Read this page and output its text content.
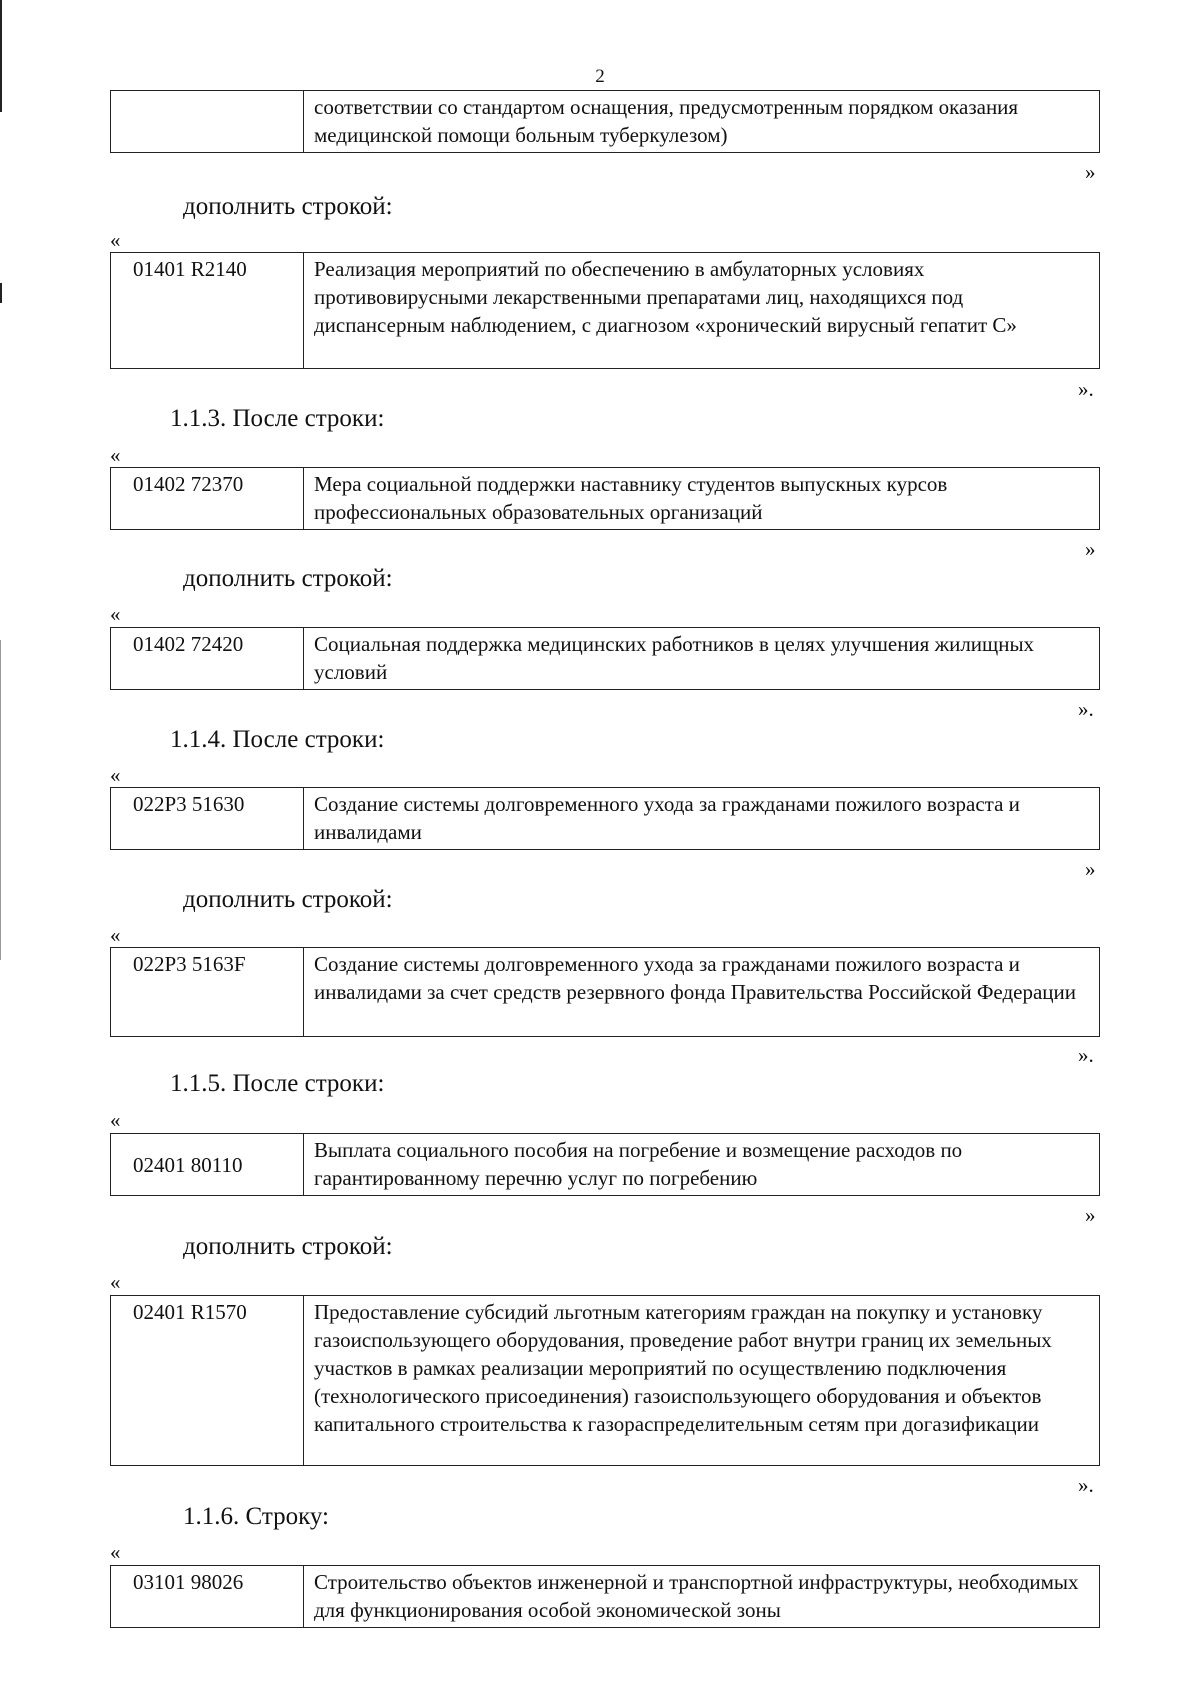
2
	соответствии со стандартом оснащения, предусмотренным порядком оказания медицинской помощи больным туберкулезом)
»
дополнить строкой:
«
01401 R2140	Реализация мероприятий по обеспечению в амбулаторных условиях противовирусными лекарственными препаратами лиц, находящихся под диспансерным наблюдением, с диагнозом «хронический вирусный гепатит С»
».
1.1.3. После строки:
«
01402 72370	Мера социальной поддержки наставнику студентов выпускных курсов профессиональных образовательных организаций
»
дополнить строкой:
«
01402 72420	Социальная поддержка медицинских работников в целях улучшения жилищных условий
».
1.1.4. После строки:
«
022P3 51630	Создание системы долговременного ухода за гражданами пожилого возраста и инвалидами
»
дополнить строкой:
«
022P3 5163F	Создание системы долговременного ухода за гражданами пожилого возраста и инвалидами за счет средств резервного фонда Правительства Российской Федерации
».
1.1.5. После строки:
«
02401 80110	Выплата социального пособия на погребение и возмещение расходов по гарантированному перечню услуг по погребению
»
дополнить строкой:
«
02401 R1570	Предоставление субсидий льготным категориям граждан на покупку и установку газоиспользующего оборудования, проведение работ внутри границ их земельных участков в рамках реализации мероприятий по осуществлению подключения (технологического присоединения) газоиспользующего оборудования и объектов капитального строительства к газораспределительным сетям при догазификации
».
1.1.6. Строку:
«
03101 98026	Строительство объектов инженерной и транспортной инфраструктуры, необходимых для функционирования особой экономической зоны
